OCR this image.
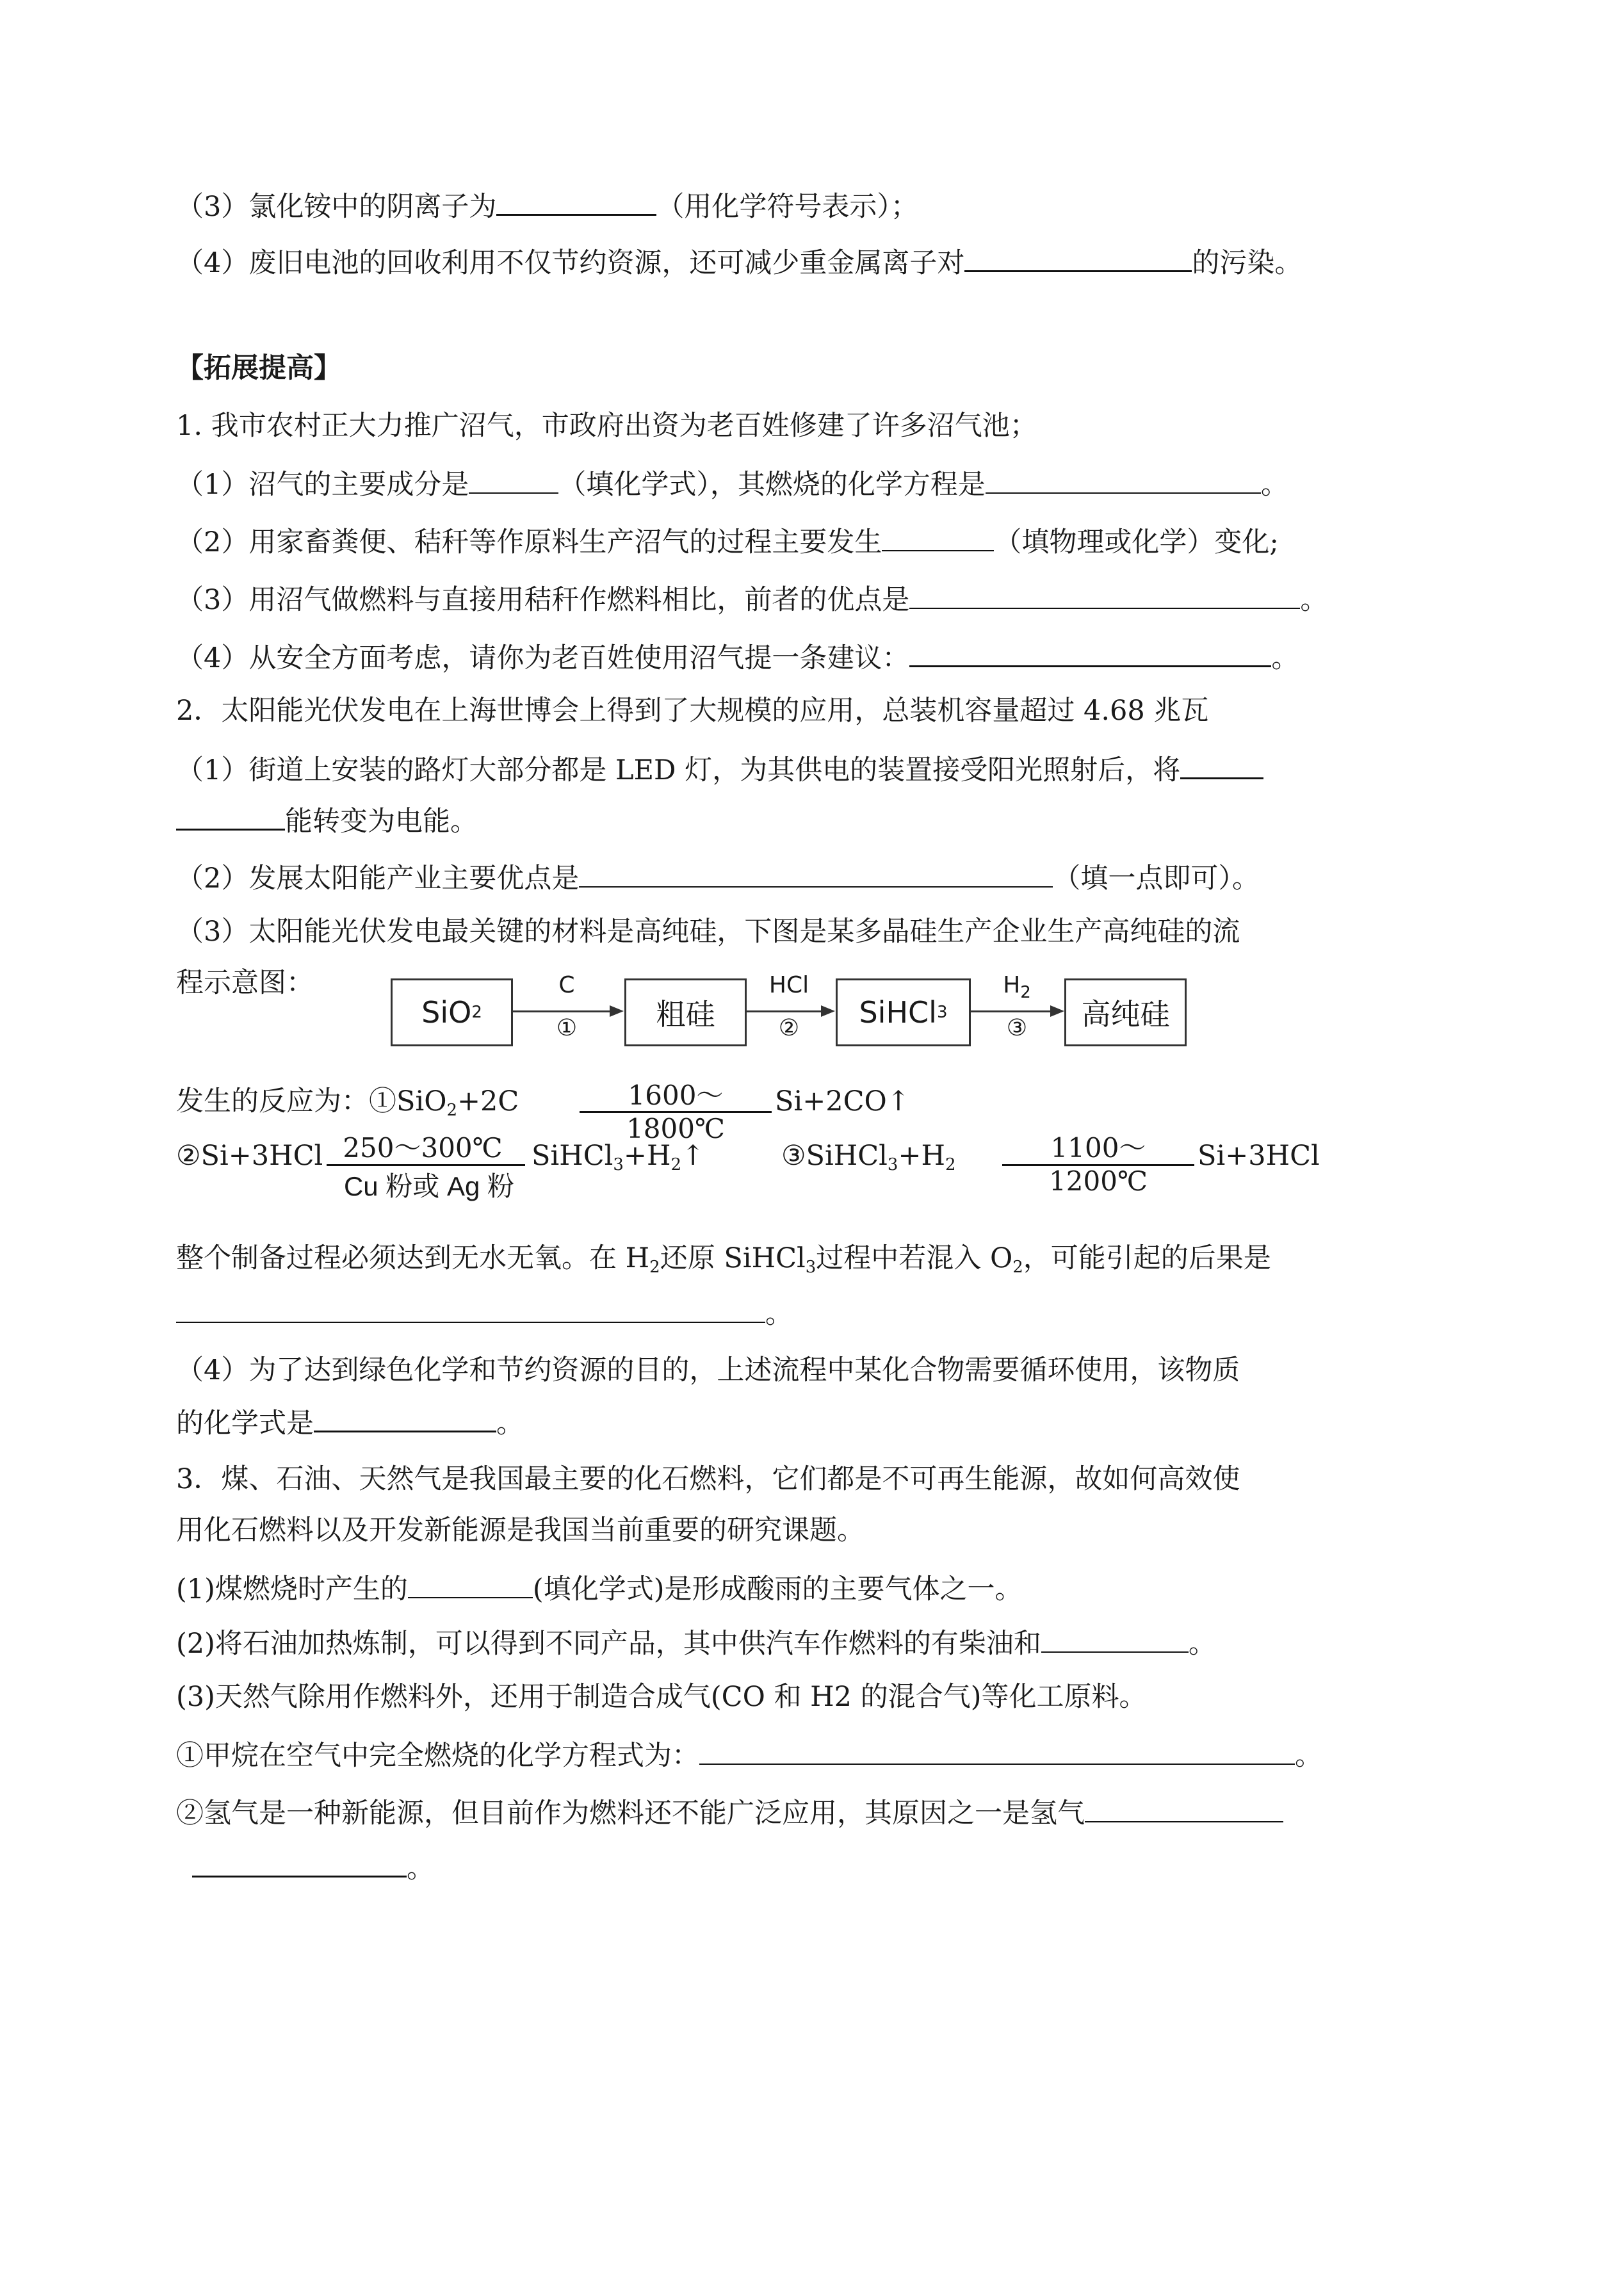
（3）氯化铵中的阴离子为	（用化学符号表示）；
（4）废旧电池的回收利用不仅节约资源，还可减少重金属离子对	的污染。
【拓展提高】
1. 我市农村正大力推广沼气，市政府出资为老百姓修建了许多沼气池；
（1）沼气的主要成分是	（填化学式），其燃烧的化学方程是	。
（2）用家畜粪便、秸秆等作原料生产沼气的过程主要发生	（填物理或化学）变化;
（3）用沼气做燃料与直接用秸秆作燃料相比，前者的优点是	。
（4）从安全方面考虑，请你为老百姓使用沼气提一条建议：	。
2．太阳能光伏发电在上海世博会上得到了大规模的应用，总装机容量超过 4.68 兆瓦
（1）街道上安装的路灯大部分都是 LED 灯，为其供电的装置接受阳光照射后，将
能转变为电能。
（2）发展太阳能产业主要优点是	（填一点即可）。
（3）太阳能光伏发电最关键的材料是高纯硅，下图是某多晶硅生产企业生产高纯硅的流
程示意图：
SiO 2
C
①	粗硅
HCl
②	SiHCl 3
$H_2$
③	高纯硅
发生的反应为：①SiO$_2$+2C	1600～1800℃
Si+2CO↑
②Si+3HCl 250～300℃
Cu 粉或 Ag 粉
$SiHCl_3+H_2↑$	$③SiHCl_3+H_2$
1100～1200℃
Si+3HCl
整个制备过程必须达到无水无氧。在 $H_2$还原 SiHCl$_3$过程中若混入 $O_2$，可能引起的后果是
。
（4）为了达到绿色化学和节约资源的目的，上述流程中某化合物需要循环使用，该物质
的化学式是	。
3．煤、石油、天然气是我国最主要的化石燃料，它们都是不可再生能源，故如何高效使
用化石燃料以及开发新能源是我国当前重要的研究课题。
(1)煤燃烧时产生的	(填化学式)是形成酸雨的主要气体之一。
(2)将石油加热炼制，可以得到不同产品，其中供汽车作燃料的有柴油和	。
(3)天然气除用作燃料外，还用于制造合成气(CO 和 H2 的混合气)等化工原料。
①甲烷在空气中完全燃烧的化学方程式为：	。
②氢气是一种新能源，但目前作为燃料还不能广泛应用，其原因之一是氢气
。
